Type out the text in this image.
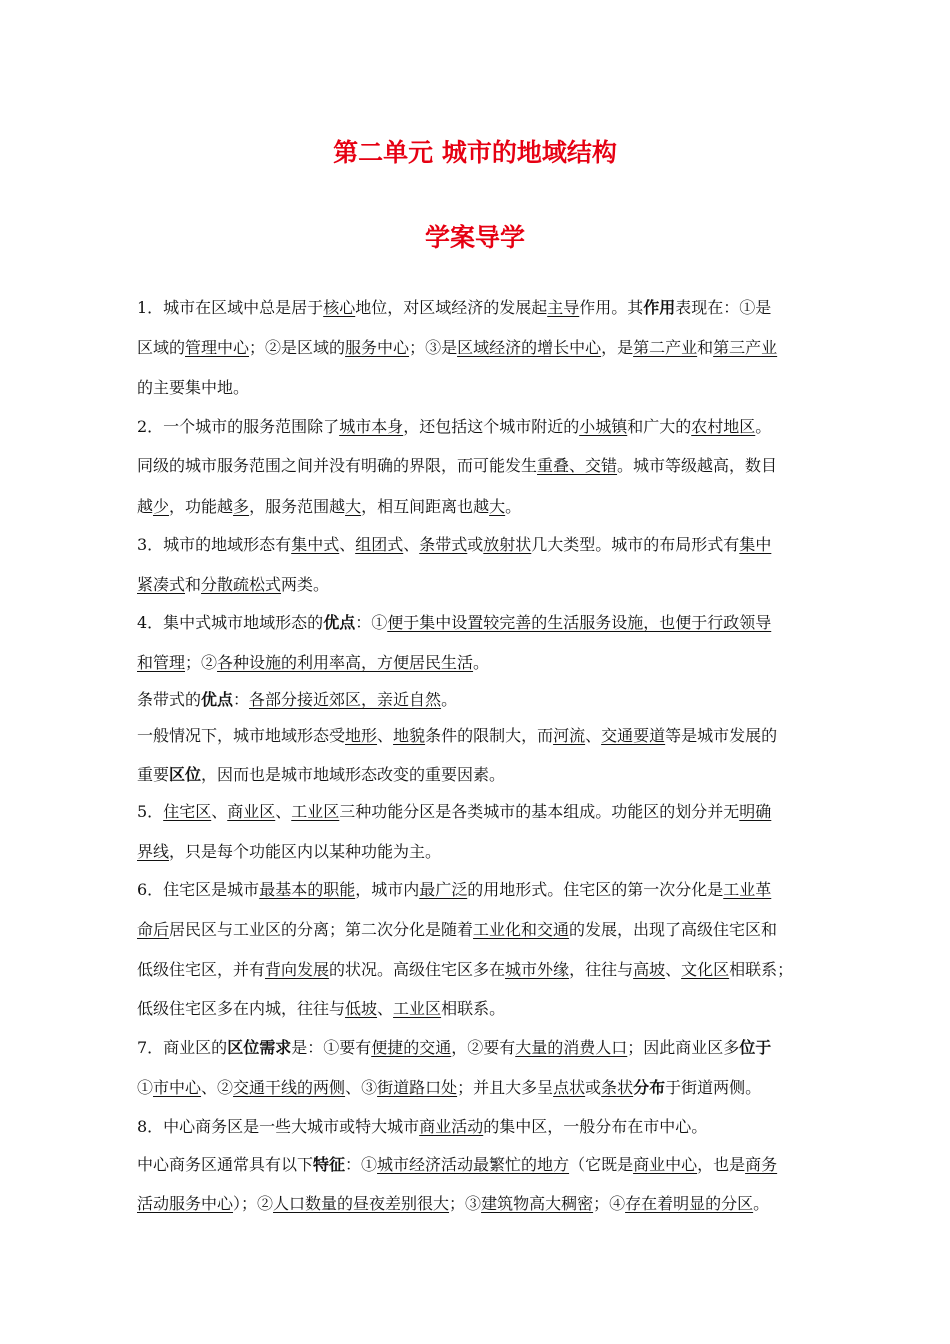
第二单元 城市的地域结构
学案导学
1．城市在区域中总是居于核心地位，对区域经济的发展起主导作用。其作用表现在：①是
区域的管理中心；②是区域的服务中心；③是区域经济的增长中心，是第二产业和第三产业
的主要集中地。
2．一个城市的服务范围除了城市本身，还包括这个城市附近的小城镇和广大的农村地区。
同级的城市服务范围之间并没有明确的界限，而可能发生重叠、交错。城市等级越高，数目
越少，功能越多，服务范围越大，相互间距离也越大。
3．城市的地域形态有集中式、组团式、条带式或放射状几大类型。城市的布局形式有集中
紧凑式和分散疏松式两类。
4．集中式城市地域形态的优点：①便于集中设置较完善的生活服务设施，也便于行政领导
和管理；②各种设施的利用率高，方便居民生活。
条带式的优点：各部分接近郊区，亲近自然。
一般情况下，城市地域形态受地形、地貌条件的限制大，而河流、交通要道等是城市发展的
重要区位，因而也是城市地域形态改变的重要因素。
5．住宅区、商业区、工业区三种功能分区是各类城市的基本组成。功能区的划分并无明确
界线，只是每个功能区内以某种功能为主。
6．住宅区是城市最基本的职能，城市内最广泛的用地形式。住宅区的第一次分化是工业革
命后居民区与工业区的分离；第二次分化是随着工业化和交通的发展，出现了高级住宅区和
低级住宅区，并有背向发展的状况。高级住宅区多在城市外缘，往往与高坡、文化区相联系；
低级住宅区多在内城，往往与低坡、工业区相联系。
7．商业区的区位需求是：①要有便捷的交通，②要有大量的消费人口；因此商业区多位于
①市中心、②交通干线的两侧、③街道路口处；并且大多呈点状或条状分布于街道两侧。
8．中心商务区是一些大城市或特大城市商业活动的集中区，一般分布在市中心。
中心商务区通常具有以下特征：①城市经济活动最繁忙的地方（它既是商业中心，也是商务
活动服务中心）；②人口数量的昼夜差别很大；③建筑物高大稠密；④存在着明显的分区。
